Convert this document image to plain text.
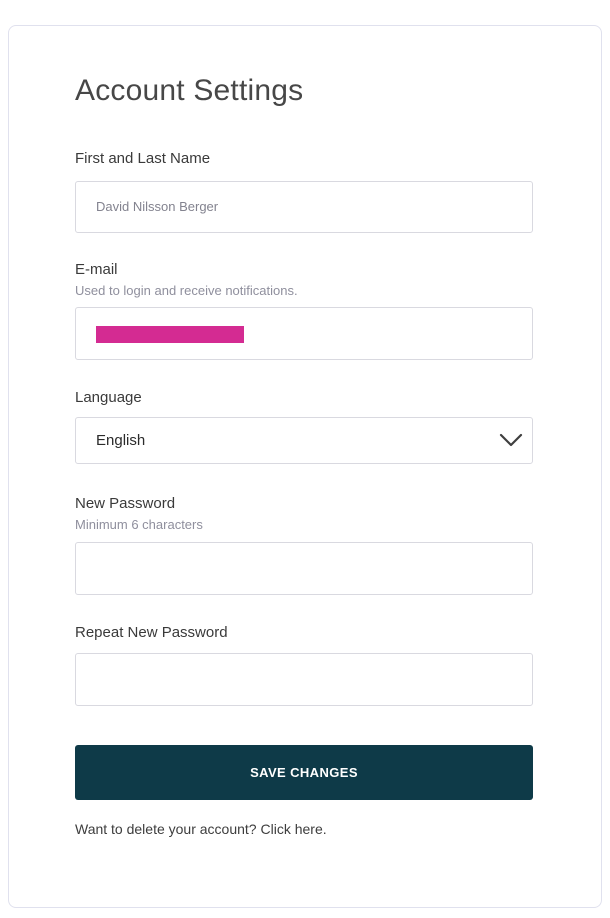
Account Settings
First and Last Name
David Nilsson Berger
E-mail
Used to login and receive notifications.
Language
English
New Password
Minimum 6 characters
Repeat New Password
SAVE CHANGES
Want to delete your account? Click here.
